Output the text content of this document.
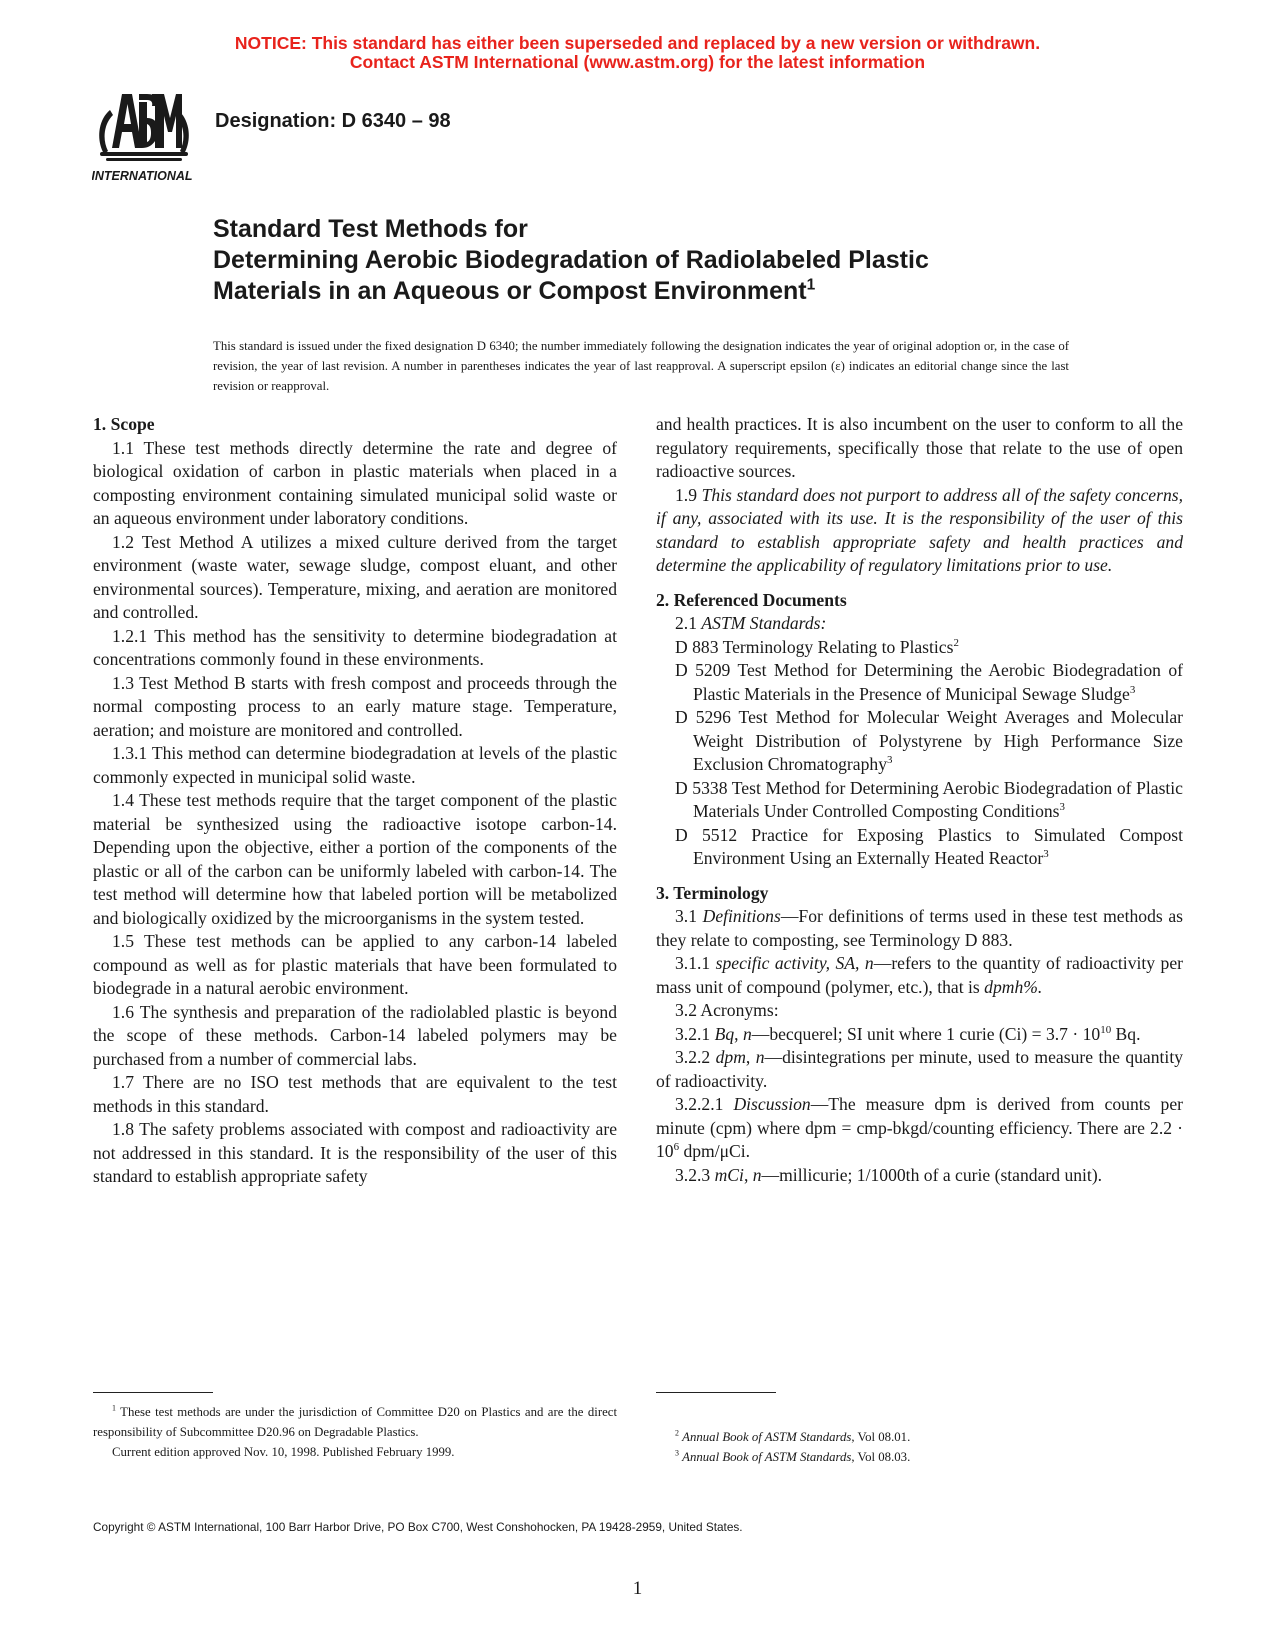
NOTICE: This standard has either been superseded and replaced by a new version or withdrawn.
Contact ASTM International (www.astm.org) for the latest information
INTERNATIONAL
Designation: D 6340 – 98
Standard Test Methods for
Determining Aerobic Biodegradation of Radiolabeled Plastic
Materials in an Aqueous or Compost Environment$^1$
This standard is issued under the fixed designation D 6340; the number immediately following the designation indicates the year of original adoption or, in the case of revision, the year of last revision. A number in parentheses indicates the year of last reapproval. A superscript epsilon (ε) indicates an editorial change since the last revision or reapproval.
1. Scope

1.1 These test methods directly determine the rate and degree of biological oxidation of carbon in plastic materials when placed in a composting environment containing simulated municipal solid waste or an aqueous environment under laboratory conditions.

1.2 Test Method A utilizes a mixed culture derived from the target environment (waste water, sewage sludge, compost eluant, and other environmental sources). Temperature, mixing, and aeration are monitored and controlled.

1.2.1 This method has the sensitivity to determine biodegradation at concentrations commonly found in these environments.

1.3 Test Method B starts with fresh compost and proceeds through the normal composting process to an early mature stage. Temperature, aeration; and moisture are monitored and controlled.

1.3.1 This method can determine biodegradation at levels of the plastic commonly expected in municipal solid waste.

1.4 These test methods require that the target component of the plastic material be synthesized using the radioactive isotope carbon-14. Depending upon the objective, either a portion of the components of the plastic or all of the carbon can be uniformly labeled with carbon-14. The test method will determine how that labeled portion will be metabolized and biologically oxidized by the microorganisms in the system tested.

1.5 These test methods can be applied to any carbon-14 labeled compound as well as for plastic materials that have been formulated to biodegrade in a natural aerobic environment.

1.6 The synthesis and preparation of the radiolabled plastic is beyond the scope of these methods. Carbon-14 labeled polymers may be purchased from a number of commercial labs.

1.7 There are no ISO test methods that are equivalent to the test methods in this standard.

1.8 The safety problems associated with compost and radioactivity are not addressed in this standard. It is the responsibility of the user of this standard to establish appropriate safety

and health practices. It is also incumbent on the user to conform to all the regulatory requirements, specifically those that relate to the use of open radioactive sources.

1.9 This standard does not purport to address all of the safety concerns, if any, associated with its use. It is the responsibility of the user of this standard to establish appropriate safety and health practices and determine the applicability of regulatory limitations prior to use.

2. Referenced Documents

2.1 ASTM Standards:

D 883 Terminology Relating to Plastics$^2$

D 5209 Test Method for Determining the Aerobic Biodegradation of Plastic Materials in the Presence of Municipal Sewage Sludge$^3$

D 5296 Test Method for Molecular Weight Averages and Molecular Weight Distribution of Polystyrene by High Performance Size Exclusion Chromatography$^3$

D 5338 Test Method for Determining Aerobic Biodegradation of Plastic Materials Under Controlled Composting Conditions$^3$

D 5512 Practice for Exposing Plastics to Simulated Compost Environment Using an Externally Heated Reactor$^3$

3. Terminology

3.1 Definitions—For definitions of terms used in these test methods as they relate to composting, see Terminology D 883.

3.1.1 specific activity, SA, n—refers to the quantity of radioactivity per mass unit of compound (polymer, etc.), that is dpmh%.

3.2 Acronyms:

3.2.1 Bq, n—becquerel; SI unit where 1 curie $(Ci) = 3.7 \cdot 10^{10}$ Bq.

3.2.2 dpm, n—disintegrations per minute, used to measure the quantity of radioactivity.

3.2.2.1 Discussion—The measure dpm is derived from counts per minute (cpm) where dpm = cmp-bkgd/counting efficiency. There are $2.2 \cdot 10^6$ dpm/μCi.

3.2.3 mCi, n—millicurie; 1/1000th of a curie (standard unit).

$^1$ These test methods are under the jurisdiction of Committee D20 on Plastics and are the direct responsibility of Subcommittee D20.96 on Degradable Plastics.

Current edition approved Nov. 10, 1998. Published February 1999.

$^2$ Annual Book of ASTM Standards, Vol 08.01.

$^3$ Annual Book of ASTM Standards, Vol 08.03.

Copyright © ASTM International, 100 Barr Harbor Drive, PO Box C700, West Conshohocken, PA 19428-2959, United States.
1
